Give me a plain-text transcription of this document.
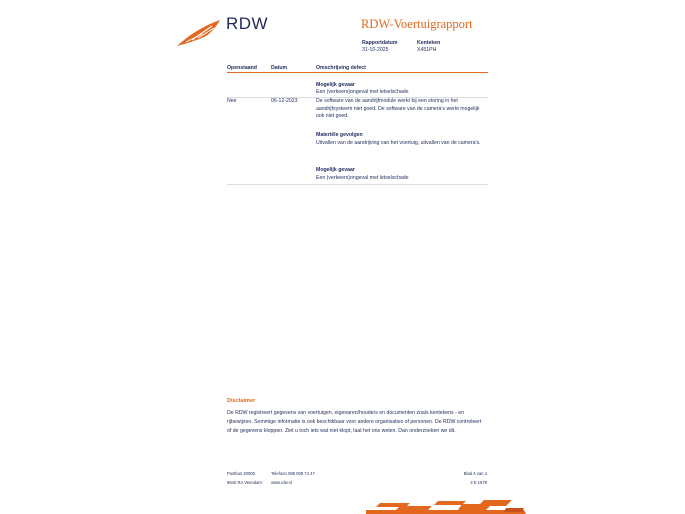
RDW	RDW-Voertuigrapport
Rapportdatum
31-10-2025
Kenteken
X451PH
Openstaand	Datum	Omschrijving defect
Mogelijk gevaar
Een (verkeers)ongeval met letselschade
Nee	06-12-2023	De software van de aandrijfmodule werkt bij een storing in het aandrijfsysteem niet goed. De software van de camera's werkt mogelijk ook niet goed.
Materiële gevolgen
Uitvallen van de aandrijving van het voertuig, uitvallen van de camera's.
Mogelijk gevaar
Een (verkeers)ongeval met letselschade
Disclaimer
De RDW registreert gegevens van voertuigen, eigenaren/houders en documenten zoals kentekens - en rijbewijzen. Sommige informatie is ook beschikbaar voor andere organisaties of personen. De RDW controleert of de gegevens kloppen. Ziet u toch iets wat niet klopt, laat het ons weten. Dan onderzoeken we dit.
Postbus 30000
9640 RA Veendam
Telefoon 088 008 74 47
www.rdw.nl
Blad 4 van 4
3 E 1678
